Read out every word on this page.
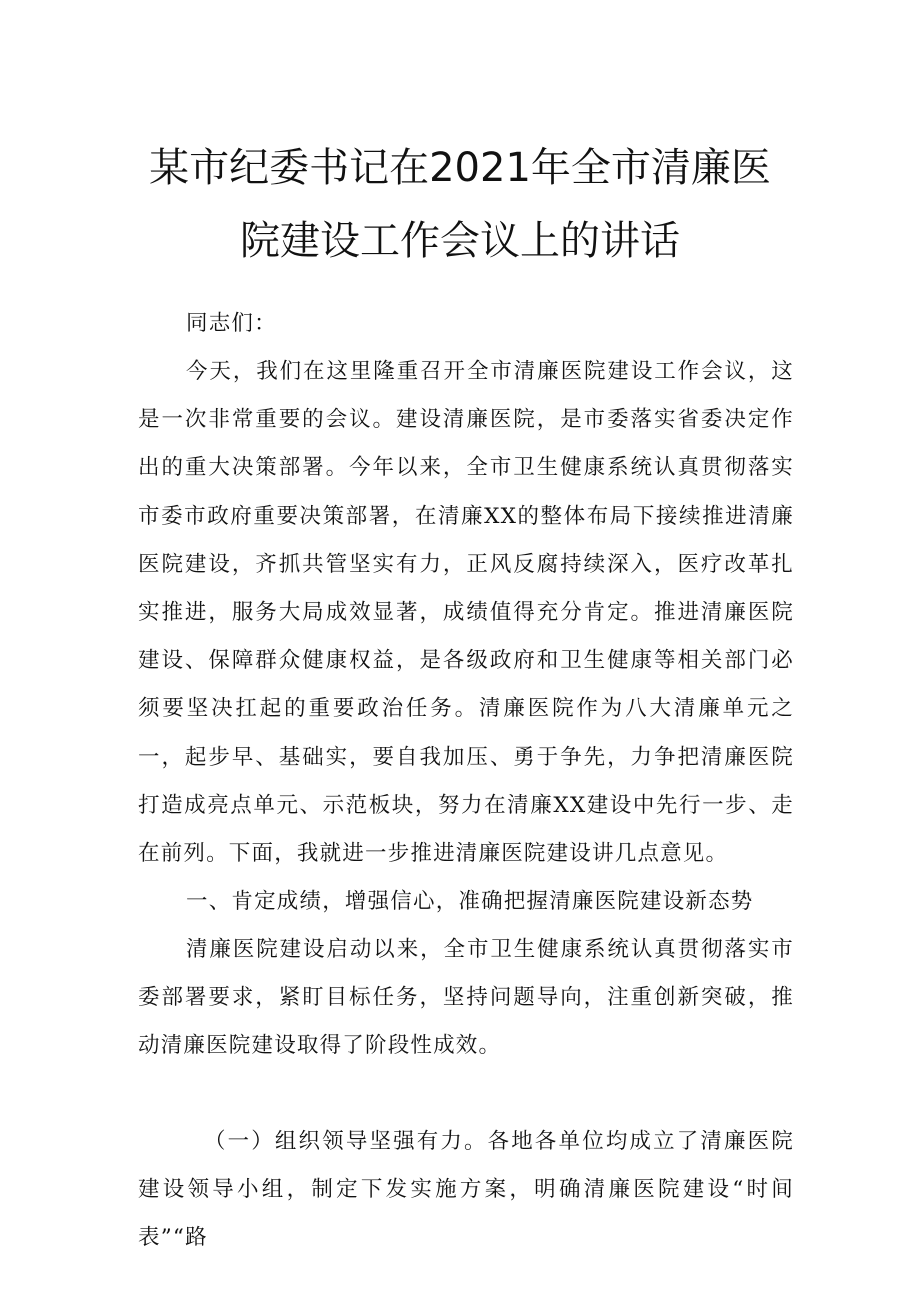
某市纪委书记在2021年全市清廉医
院建设工作会议上的讲话
同志们：
今天，我们在这里隆重召开全市清廉医院建设工作会议，这是一次非常重要的会议。建设清廉医院，是市委落实省委决定作出的重大决策部署。今年以来，全市卫生健康系统认真贯彻落实市委市政府重要决策部署，在清廉XX的整体布局下接续推进清廉医院建设，齐抓共管坚实有力，正风反腐持续深入，医疗改革扎实推进，服务大局成效显著，成绩值得充分肯定。推进清廉医院建设、保障群众健康权益，是各级政府和卫生健康等相关部门必须要坚决扛起的重要政治任务。清廉医院作为八大清廉单元之一，起步早、基础实，要自我加压、勇于争先，力争把清廉医院打造成亮点单元、示范板块，努力在清廉XX建设中先行一步、走在前列。下面，我就进一步推进清廉医院建设讲几点意见。
一、肯定成绩，增强信心，准确把握清廉医院建设新态势
清廉医院建设启动以来，全市卫生健康系统认真贯彻落实市委部署要求，紧盯目标任务，坚持问题导向，注重创新突破，推动清廉医院建设取得了阶段性成效。
（一）组织领导坚强有力。各地各单位均成立了清廉医院建设领导小组，制定下发实施方案，明确清廉医院建设“时间表”“路
